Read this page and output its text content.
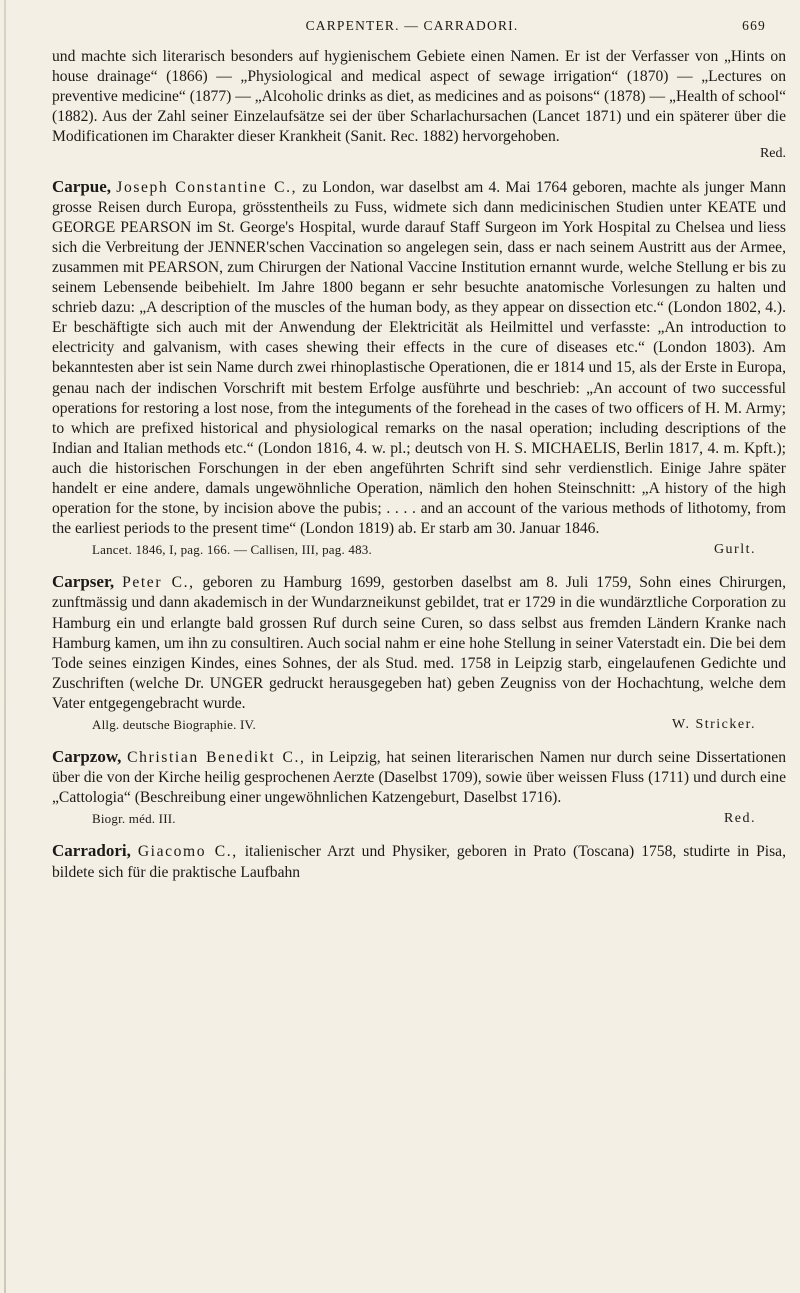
CARPENTER. — CARRADORI.	669

und machte sich literarisch besonders auf hygienischem Gebiete einen Namen. Er ist der Verfasser von „Hints on house drainage“ (1866) — „Physiological and medical aspect of sewage irrigation“ (1870) — „Lectures on preventive medicine“ (1877) — „Alcoholic drinks as diet, as medicines and as poisons“ (1878) — „Health of school“ (1882). Aus der Zahl seiner Einzelaufsätze sei der über Scharlachursachen (Lancet 1871) und ein späterer über die Modificationen im Charakter dieser Krankheit (Sanit. Rec. 1882) hervorgehoben.

Red.

Carpue, Joseph Constantine C., zu London, war daselbst am 4. Mai 1764 geboren, machte als junger Mann grosse Reisen durch Europa, grösstentheils zu Fuss, widmete sich dann medicinischen Studien unter KEATE und GEORGE PEARSON im St. George's Hospital, wurde darauf Staff Surgeon im York Hospital zu Chelsea und liess sich die Verbreitung der JENNER'schen Vaccination so angelegen sein, dass er nach seinem Austritt aus der Armee, zusammen mit PEARSON, zum Chirurgen der National Vaccine Institution ernannt wurde, welche Stellung er bis zu seinem Lebensende beibehielt. Im Jahre 1800 begann er sehr besuchte anatomische Vorlesungen zu halten und schrieb dazu: „A description of the muscles of the human body, as they appear on dissection etc.“ (London 1802, 4.). Er beschäftigte sich auch mit der Anwendung der Elektricität als Heilmittel und verfasste: „An introduction to electricity and galvanism, with cases shewing their effects in the cure of diseases etc.“ (London 1803). Am bekanntesten aber ist sein Name durch zwei rhinoplastische Operationen, die er 1814 und 15, als der Erste in Europa, genau nach der indischen Vorschrift mit bestem Erfolge ausführte und beschrieb: „An account of two successful operations for restoring a lost nose, from the integuments of the forehead in the cases of two officers of H. M. Army; to which are prefixed historical and physiological remarks on the nasal operation; including descriptions of the Indian and Italian methods etc.“ (London 1816, 4. w. pl.; deutsch von H. S. MICHAELIS, Berlin 1817, 4. m. Kpft.); auch die historischen Forschungen in der eben angeführten Schrift sind sehr verdienstlich. Einige Jahre später handelt er eine andere, damals ungewöhnliche Operation, nämlich den hohen Steinschnitt: „A history of the high operation for the stone, by incision above the pubis; . . . . and an account of the various methods of lithotomy, from the earliest periods to the present time“ (London 1819) ab. Er starb am 30. Januar 1846.

Lancet. 1846, I, pag. 166. — Callisen, III, pag. 483.	Gurlt.

Carpser, Peter C., geboren zu Hamburg 1699, gestorben daselbst am 8. Juli 1759, Sohn eines Chirurgen, zunftmässig und dann akademisch in der Wundarzneikunst gebildet, trat er 1729 in die wundärztliche Corporation zu Hamburg ein und erlangte bald grossen Ruf durch seine Curen, so dass selbst aus fremden Ländern Kranke nach Hamburg kamen, um ihn zu consultiren. Auch social nahm er eine hohe Stellung in seiner Vaterstadt ein. Die bei dem Tode seines einzigen Kindes, eines Sohnes, der als Stud. med. 1758 in Leipzig starb, eingelaufenen Gedichte und Zuschriften (welche Dr. UNGER gedruckt herausgegeben hat) geben Zeugniss von der Hochachtung, welche dem Vater entgegengebracht wurde.

Allg. deutsche Biographie. IV.	W. Stricker.

Carpzow, Christian Benedikt C., in Leipzig, hat seinen literarischen Namen nur durch seine Dissertationen über die von der Kirche heilig gesprochenen Aerzte (Daselbst 1709), sowie über weissen Fluss (1711) und durch eine „Cattologia“ (Beschreibung einer ungewöhnlichen Katzengeburt, Daselbst 1716).

Biogr. méd. III.	Red.

Carradori, Giacomo C., italienischer Arzt und Physiker, geboren in Prato (Toscana) 1758, studirte in Pisa, bildete sich für die praktische Laufbahn
